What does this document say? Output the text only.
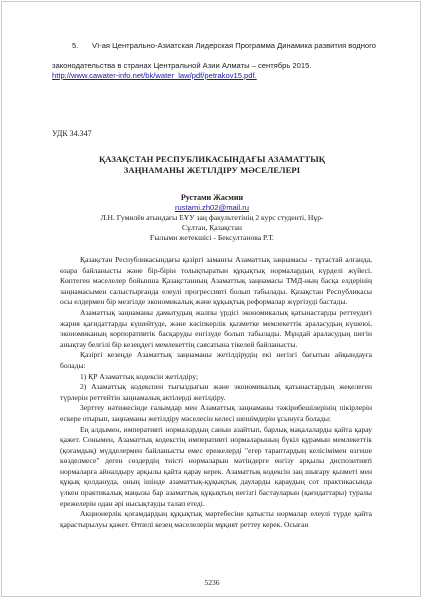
5. VI-ая Центрально-Азиатская Лидерская Программа Динамика развития водного
законодательства в странах Центральной Азии Алматы – сентябрь 2015.
http://www.cawater-info.net/bk/water_law/pdf/petrakov15.pdf.
УДК 34.347
ҚАЗАҚСТАН РЕСПУБЛИКАСЫНДАҒЫ АЗАМАТТЫҚ
ЗАҢНАМАНЫ ЖЕТІЛДІРУ МӘСЕЛЕЛЕРІ
Рустами Жасмин
rustami.zh02@mail.ru
Л.Н. Гумилёв атындағы ЕҰУ заң факультетінің 2 курс студенті, Нұр-
Сұлтан, Қазақстан
Ғылыми жетекшісі - Бексултанова Р.Т.

Қазақстан Республикасындағы қазіргі заманғы Азаматтық заңнамасы - тұтастай алғанда, өзара байланысты және бір-бірін толықтыратын құқықтық нормалардың күрделі жүйесі. Көптеген мәселелер бойынша Қазақстанның Азаматтық заңнамасы ТМД-ның басқа елдерінің заңнамасымен салыстырғанда елеулі прогрессивті болып табылады. Қазақстан Республикасы осы елдермен бір мезгілде экономикалық және құқықтық реформалар жүргізуді бастады.

Азаматтық заңнаманы дамытудың жалпы үрдісі экономикалық қатынастарды реттеудегі жария қағидаттарды күшейтуде, және кәсіпкерлік қызметке мемлекеттік араласудың күшеюі, экономиканың корпоративтік басқаруды енгізуде болып табылады. Мұндай араласудың шегін анықтау белгілі бір кезеңдегі мемлекеттің саясатына тікелей байланысты.

Қазіргі кезеңде Азаматтық заңнаманы жетілдірудің екі негізгі бағытын айқындауға болады:

1) ҚР Азаматтық кодексін жетілдіру;

2) Азаматтық кодекспен тығыздығын және экономикалық қатынастардың жекелеген түрлерін реттейтін заңнамалық актілерді жетілдіру.

Зерттеу нәтижесінде ғалымдар мен Азаматтық заңнаманы тәжірибешілерінің пікірлерін ескере отырып, заңнаманы жетілдіру мәселесін келесі шешімдерін ұсынуға болады:

Ең алдымен, императивті нормалардың санын азайтып, барлық мақалаларды қайта қарау қажет. Сонымен, Азаматтық кодекстің императивті нормаларының бүкіл құрамын мемлекеттік (қоғамдық) мүдделермен байланысты емес ережелерді "егер тараптардың келісімімен өзгеше көзделмесе" деген сөздердің тиісті нормаларын мәтіндерге енгізу арқылы диспозитивті нормаларға айналдыру арқылы қайта қарау керек. Азаматтық кодексін заң шығару қызметі мен құқық қолдануда, оның ішінде азаматтық-құқықтық дауларды қараудың сот практикасында үлкен практикалық маңызы бар азаматтық құқықтың негізгі бастауларын (қағидаттары) туралы ережелерін одан әрі нысықтауды талап етеді.

Акционерлік қоғамдардың құқықтық мәртебесіне қатысты нормалар елеулі түрде қайта қарастырылуы қажет. Өтпелі кезең мәселелерін мұқият реттеу керек. Осыған

5236
